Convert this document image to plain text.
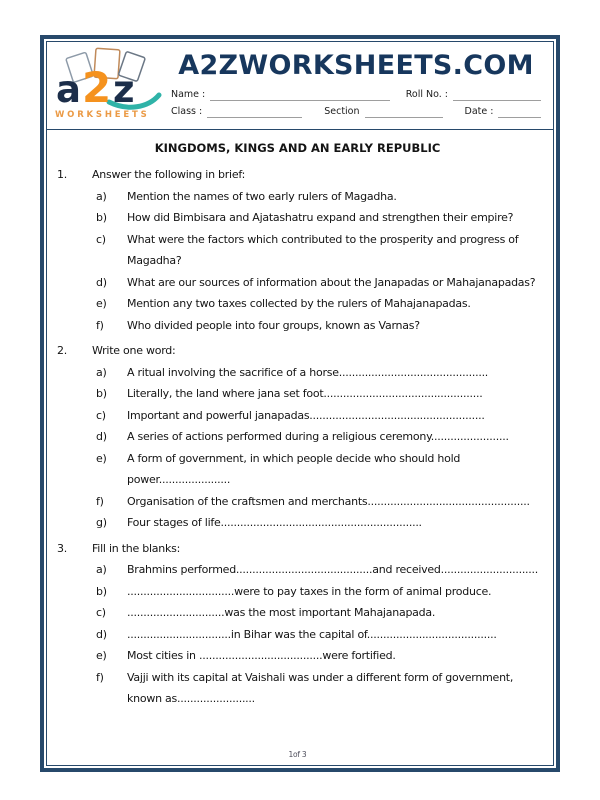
a 2 z
WORKSHEETS
A2ZWORKSHEETS.COM
Name :	Roll No. :
Class :	Section	Date :
KINGDOMS, KINGS AND AN EARLY REPUBLIC
1.	Answer the following in brief:
a)	Mention the names of two early rulers of Magadha.
b)	How did Bimbisara and Ajatashatru expand and strengthen their empire?
c)	What were the factors which contributed to the prosperity and progress of Magadha?
d)	What are our sources of information about the Janapadas or Mahajanapadas?
e)	Mention any two taxes collected by the rulers of Mahajanapadas.
f)	Who divided people into four groups, known as Varnas?
2.	Write one word:
a)	A ritual involving the sacrifice of a horse..............................................
b)	Literally, the land where jana set foot.................................................
c)	Important and powerful janapadas......................................................
d)	A series of actions performed during a religious ceremony........................
e)	A form of government, in which people decide who should hold power......................
f)	Organisation of the craftsmen and merchants..................................................
g)	Four stages of life..............................................................
3.	Fill in the blanks:
a)	Brahmins performed..........................................and received..............................
b)	.................................were to pay taxes in the form of animal produce.
c)	..............................was the most important Mahajanapada.
d)	................................in Bihar was the capital of........................................
e)	Most cities in ......................................were fortified.
f)	Vajji with its capital at Vaishali was under a different form of government, known as........................
1of 3
